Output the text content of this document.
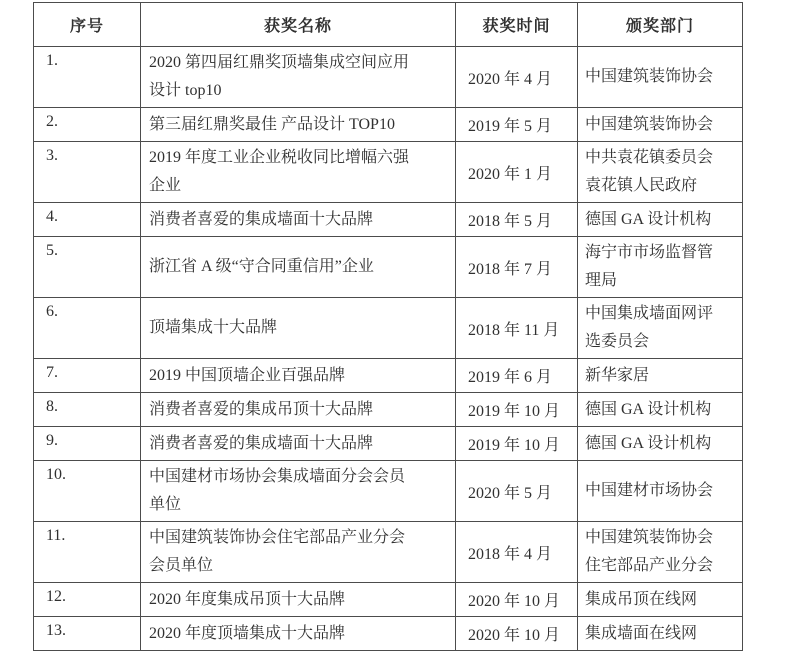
序号	获奖名称	获奖时间	颁奖部门
1.	2020 第四届红鼎奖顶墙集成空间应用设计 top10	2020 年 4 月	中国建筑装饰协会
2.	第三届红鼎奖最佳 产品设计 TOP10	2019 年 5 月	中国建筑装饰协会
3.	2019 年度工业企业税收同比增幅六强企业	2020 年 1 月	中共袁花镇委员会 袁花镇人民政府
4.	消费者喜爱的集成墙面十大品牌	2018 年 5 月	德国 GA 设计机构
5.	浙江省 A 级“守合同重信用”企业	2018 年 7 月	海宁市市场监督管理局
6.	顶墙集成十大品牌	2018 年 11 月	中国集成墙面网评选委员会
7.	2019 中国顶墙企业百强品牌	2019 年 6 月	新华家居
8.	消费者喜爱的集成吊顶十大品牌	2019 年 10 月	德国 GA 设计机构
9.	消费者喜爱的集成墙面十大品牌	2019 年 10 月	德国 GA 设计机构
10.	中国建材市场协会集成墙面分会会员单位	2020 年 5 月	中国建材市场协会
11.	中国建筑装饰协会住宅部品产业分会会员单位	2018 年 4 月	中国建筑装饰协会住宅部品产业分会
12.	2020 年度集成吊顶十大品牌	2020 年 10 月	集成吊顶在线网
13.	2020 年度顶墙集成十大品牌	2020 年 10 月	集成墙面在线网
